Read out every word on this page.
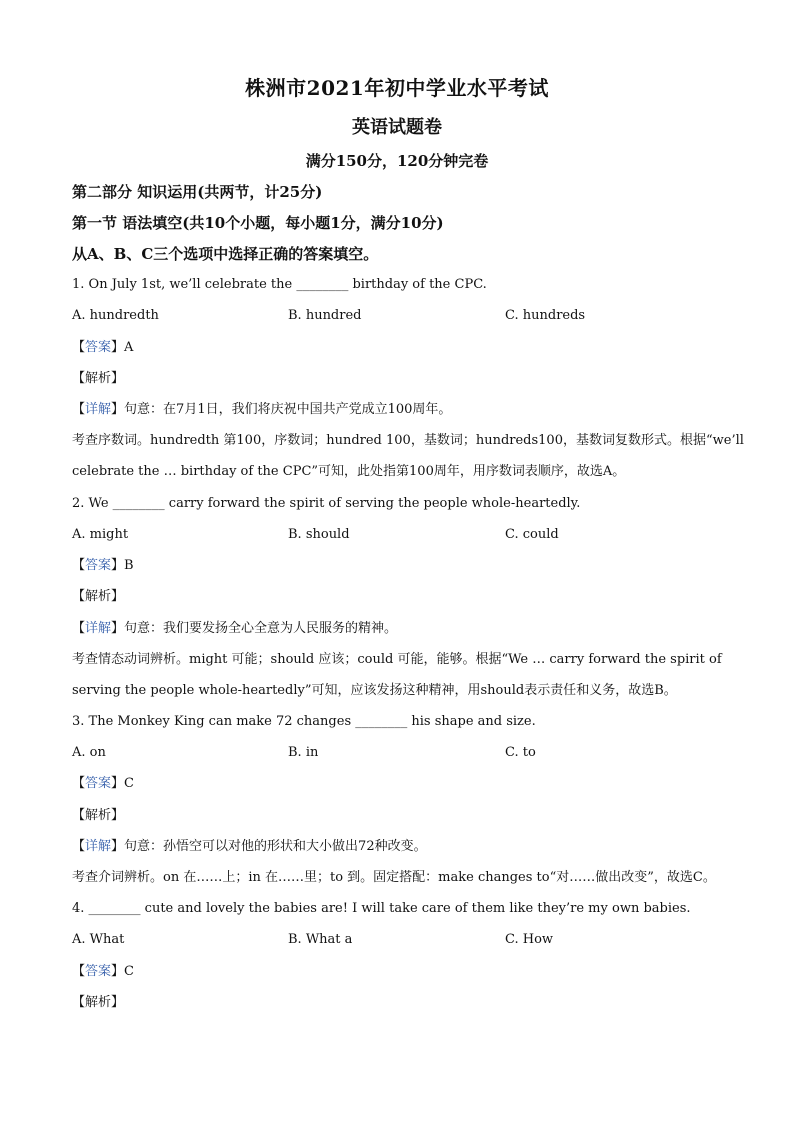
株洲市2021年初中学业水平考试
英语试题卷
满分150分，120分钟完卷
第二部分 知识运用(共两节，计25分)
第一节 语法填空(共10个小题，每小题1分，满分10分)
从A、B、C三个选项中选择正确的答案填空。
1. On July 1st, we’ll celebrate the ________ birthday of the CPC.
A. hundredth	B. hundred	C. hundreds
【答案】A
【解析】
【详解】句意：在7月1日，我们将庆祝中国共产党成立100周年。
考查序数词。hundredth 第100，序数词；hundred 100，基数词；hundreds100，基数词复数形式。根据“we’ll
celebrate the … birthday of the CPC”可知，此处指第100周年，用序数词表顺序，故选A。
2. We ________ carry forward the spirit of serving the people whole-heartedly.
A. might	B. should	C. could
【答案】B
【解析】
【详解】句意：我们要发扬全心全意为人民服务的精神。
考查情态动词辨析。might 可能；should 应该；could 可能，能够。根据“We … carry forward the spirit of
serving the people whole-heartedly”可知，应该发扬这种精神，用should表示责任和义务，故选B。
3. The Monkey King can make 72 changes ________ his shape and size.
A. on	B. in	C. to
【答案】C
【解析】
【详解】句意：孙悟空可以对他的形状和大小做出72种改变。
考查介词辨析。on 在……上；in 在……里；to 到。固定搭配：make changes to“对……做出改变”，故选C。
4. ________ cute and lovely the babies are! I will take care of them like they’re my own babies.
A. What	B. What a	C. How
【答案】C
【解析】
